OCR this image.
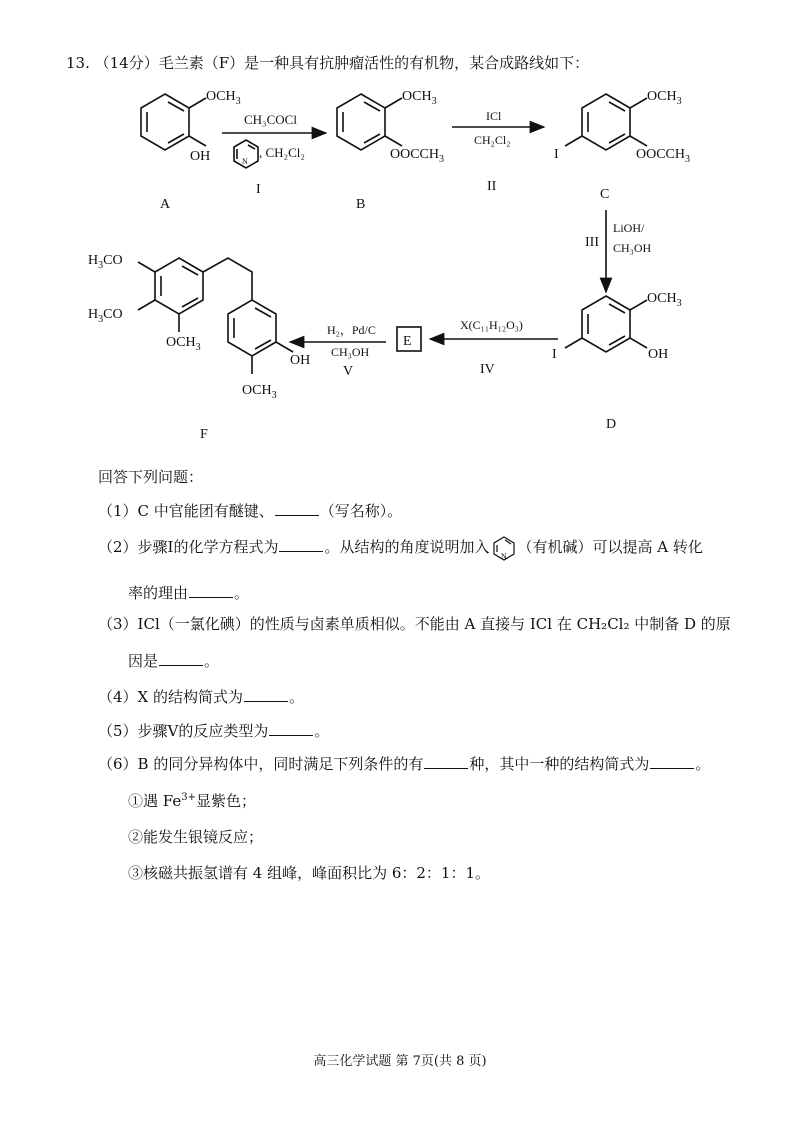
13. （14分）毛兰素（F）是一种具有抗肿瘤活性的有机物，某合成路线如下：
$OCH_3$
OH
A
CH₃COCl
, CH₂Cl₂
N
I
$OCH_3$
$OOCCH_3$
B
ICl
CH₂Cl₂
II
$OCH_3$
$OOCCH_3$
I
C
LiOH/
CH₃OH
III
$OCH_3$
OH
I
D
X(C₁₁H₁₂O₃)
IV
E
H₂，Pd/C
CH₃OH
V
$H_3CO$
$H_3CO$
$OCH_3$
OH
$OCH_3$
F
回答下列问题：
（1）C 中官能团有醚键、	（写名称）。
（2）步骤Ⅰ的化学方程式为	。从结构的角度说明加入
N
（有机碱）可以提高 A 转化
率的理由	。
（3）ICl（一氯化碘）的性质与卤素单质相似。不能由 A 直接与 ICl 在 CH₂Cl₂ 中制备 D 的原
因是	。
（4）X 的结构简式为	。
（5）步骤Ⅴ的反应类型为	。
（6）B 的同分异构体中，同时满足下列条件的有	种，其中一种的结构简式为	。
①遇 $Fe^{3+}$显紫色；
②能发生银镜反应；
③核磁共振氢谱有 4 组峰，峰面积比为 6：2：1：1。
高三化学试题 第 7页(共 8 页)
